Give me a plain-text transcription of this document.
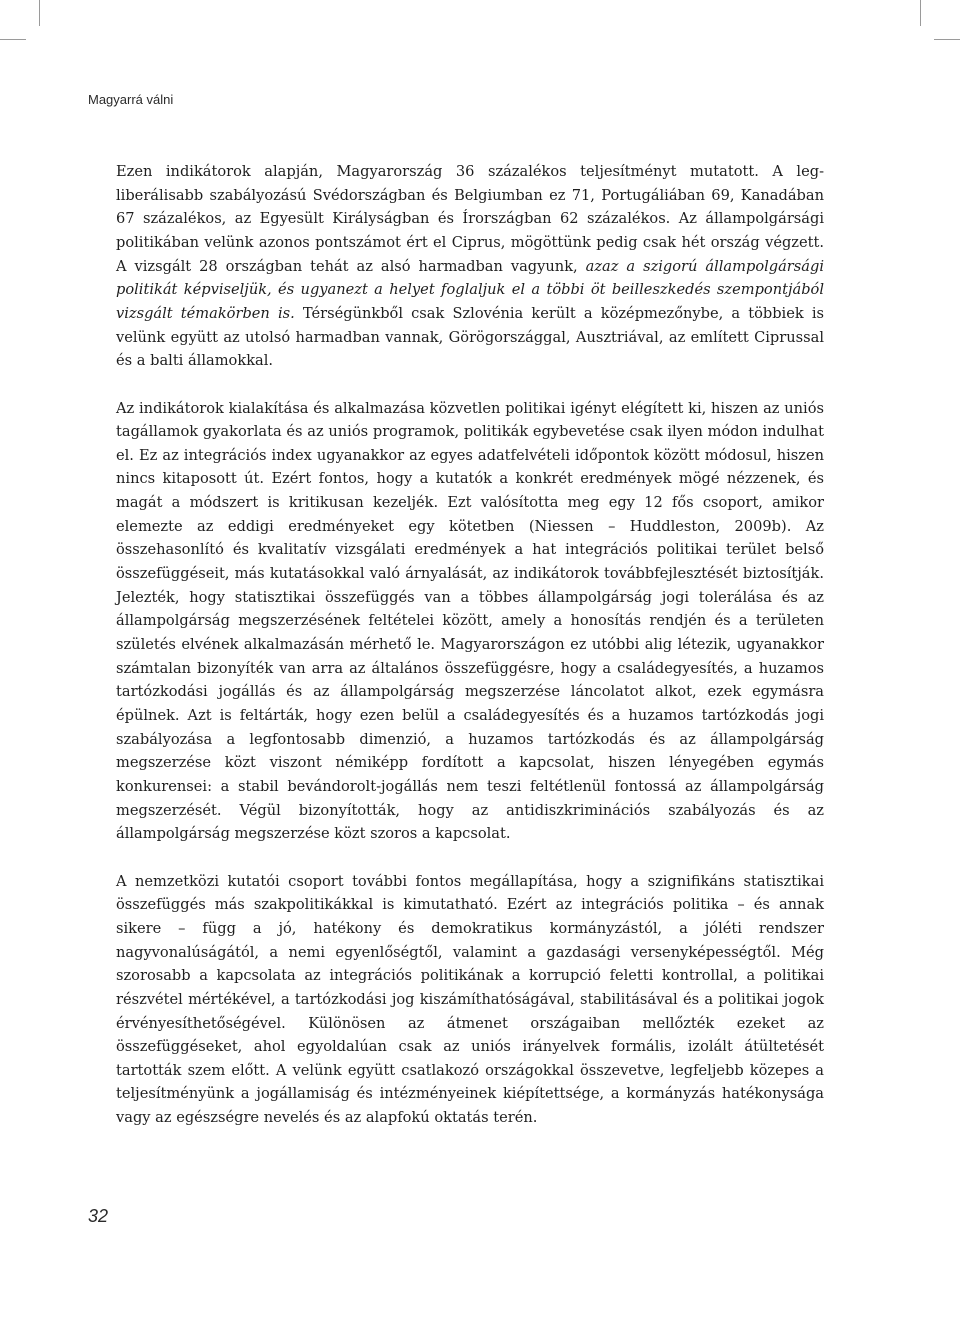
Magyarrá válni

Ezen indikátorok alapján, Magyarország 36 százalékos teljesítményt mutatott. A legliberálisabb szabályozású Svédországban és Belgiumban ez 71, Portugáliában 69, Kanadában 67 százalékos, az Egyesült Királyságban és Írországban 62 százalékos. Az állampolgársági politikában velünk azonos pontszámot ért el Ciprus, mögöttünk pedig csak hét ország végzett. A vizsgált 28 országban tehát az alsó harmadban vagyunk, azaz a szigorú állampolgársági politikát képviseljük, és ugyanezt a helyet foglaljuk el a többi öt beilleszkedés szempontjából vizsgált témakörben is. Térségünkből csak Szlovénia került a középmezőnybe, a többiek is velünk együtt az utolsó harmadban vannak, Görögországgal, Ausztriával, az említett Ciprussal és a balti államokkal.

Az indikátorok kialakítása és alkalmazása közvetlen politikai igényt elégített ki, hiszen az uniós tagállamok gyakorlata és az uniós programok, politikák egybevetése csak ilyen módon indulhat el. Ez az integrációs index ugyanakkor az egyes adatfelvételi időpontok között módosul, hiszen nincs kitaposott út. Ezért fontos, hogy a kutatók a konkrét eredmények mögé nézzenek, és magát a módszert is kritikusan kezeljék. Ezt valósította meg egy 12 fős csoport, amikor elemezte az eddigi eredményeket egy kötetben (Niessen – Huddleston, 2009b). Az összehasonlító és kvalitatív vizsgálati eredmények a hat integrációs politikai terület belső összefüggéseit, más kutatásokkal való árnyalását, az indikátorok továbbfejlesztését biztosítják. Jelezték, hogy statisztikai összefüggés van a többes állampolgárság jogi tolerálása és az állampolgárság megszerzésének feltételei között, amely a honosítás rendjén és a területen születés elvének alkalmazásán mérhető le. Magyarországon ez utóbbi alig létezik, ugyanakkor számtalan bizonyíték van arra az általános összefüggésre, hogy a családegyesítés, a huzamos tartózkodási jogállás és az állampolgárság megszerzése láncolatot alkot, ezek egymásra épülnek. Azt is feltárták, hogy ezen belül a családegyesítés és a huzamos tartózkodás jogi szabályozása a legfontosabb dimenzió, a huzamos tartózkodás és az állampolgárság megszerzése közt viszont némiképp fordított a kapcsolat, hiszen lényegében egymás konkurensei: a stabil bevándorolt-jogállás nem teszi feltétlenül fontossá az állampolgárság megszerzését. Végül bizonyították, hogy az antidiszkriminációs szabályozás és az állampolgárság megszerzése közt szoros a kapcsolat.

A nemzetközi kutatói csoport további fontos megállapítása, hogy a szignifikáns statisztikai összefüggés más szakpolitikákkal is kimutatható. Ezért az integrációs politika – és annak sikere – függ a jó, hatékony és demokratikus kormányzástól, a jóléti rendszer nagyvonalúságától, a nemi egyenlőségtől, valamint a gazdasági versenyképességtől. Még szorosabb a kapcsolata az integrációs politikának a korrupció feletti kontrollal, a politikai részvétel mértékével, a tartózkodási jog kiszámíthatóságával, stabilitásával és a politikai jogok érvényesíthetőségével. Különösen az átmenet országaiban mellőzték ezeket az összefüggéseket, ahol egyoldalúan csak az uniós irányelvek formális, izolált átültetését tartották szem előtt. A velünk együtt csatlakozó országokkal összevetve, legfeljebb közepes a teljesítményünk a jogállamiság és intézményeinek kiépítettsége, a kormányzás hatékonysága vagy az egészségre nevelés és az alapfokú oktatás terén.

32
